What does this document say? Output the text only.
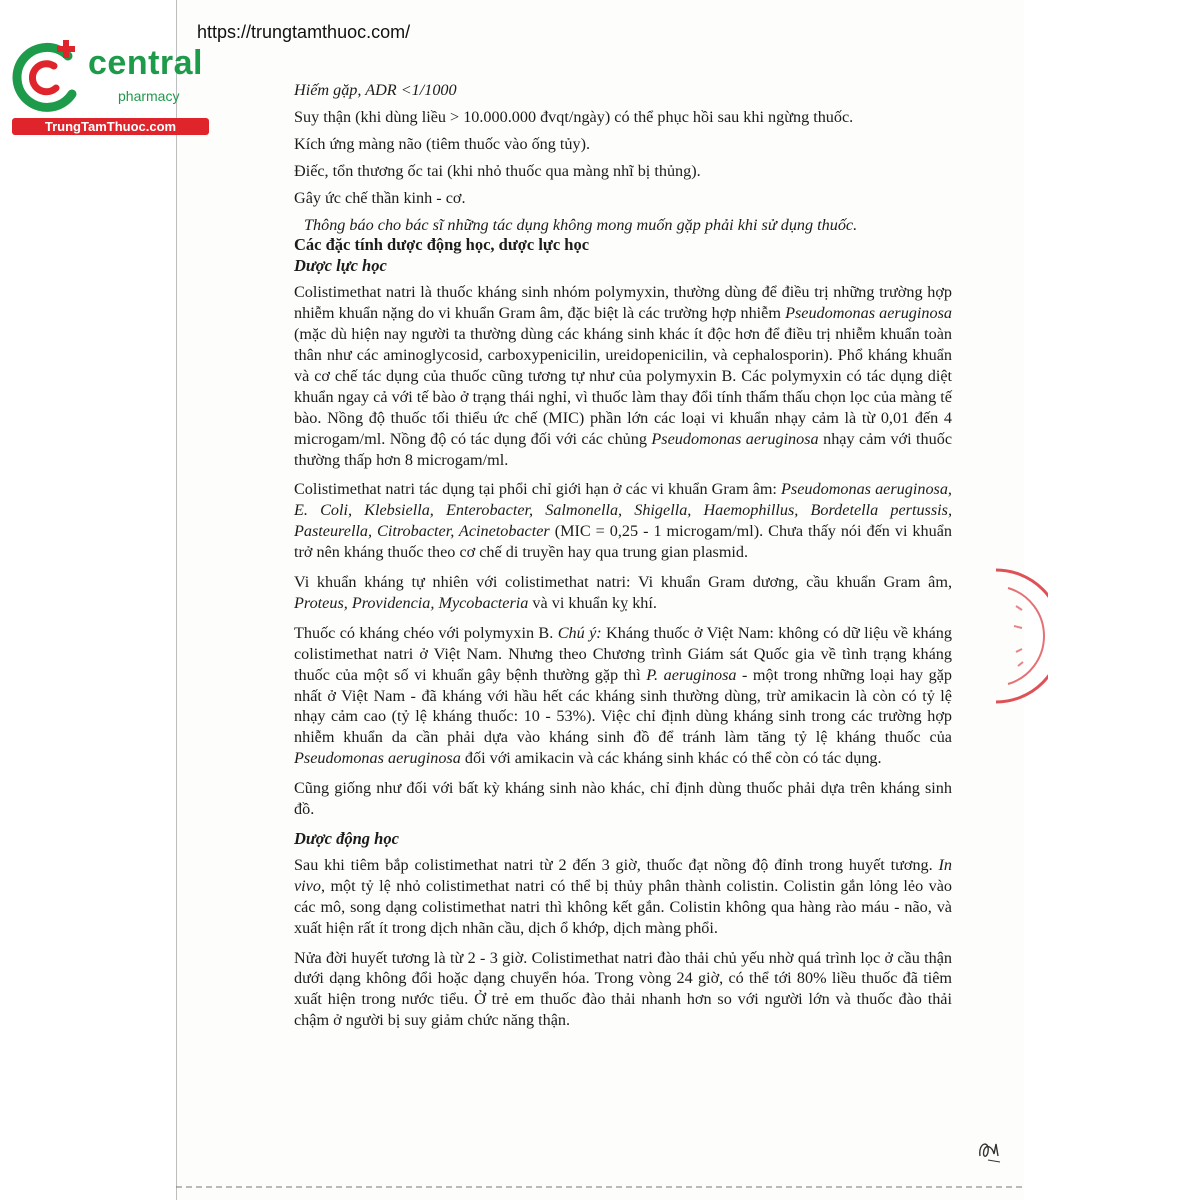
central
pharmacy
TrungTamThuoc.com
https://trungtamthuoc.com/

Hiếm gặp, ADR <1/1000

Suy thận (khi dùng liều > 10.000.000 đvqt/ngày) có thể phục hồi sau khi ngừng thuốc.

Kích ứng màng não (tiêm thuốc vào ống tủy).

Điếc, tổn thương ốc tai (khi nhỏ thuốc qua màng nhĩ bị thủng).

Gây ức chế thần kinh - cơ.

Thông báo cho bác sĩ những tác dụng không mong muốn gặp phải khi sử dụng thuốc.

Các đặc tính dược động học, dược lực học

Dược lực học

Colistimethat natri là thuốc kháng sinh nhóm polymyxin, thường dùng để điều trị những trường hợp nhiễm khuẩn nặng do vi khuẩn Gram âm, đặc biệt là các trường hợp nhiễm Pseudomonas aeruginosa (mặc dù hiện nay người ta thường dùng các kháng sinh khác ít độc hơn để điều trị nhiễm khuẩn toàn thân như các aminoglycosid, carboxypenicilin, ureidopenicilin, và cephalosporin). Phổ kháng khuẩn và cơ chế tác dụng của thuốc cũng tương tự như của polymyxin B. Các polymyxin có tác dụng diệt khuẩn ngay cả với tế bào ở trạng thái nghỉ, vì thuốc làm thay đổi tính thấm thấu chọn lọc của màng tế bào. Nồng độ thuốc tối thiểu ức chế (MIC) phần lớn các loại vi khuẩn nhạy cảm là từ 0,01 đến 4 microgam/ml. Nồng độ có tác dụng đối với các chủng Pseudomonas aeruginosa nhạy cảm với thuốc thường thấp hơn 8 microgam/ml.

Colistimethat natri tác dụng tại phổi chỉ giới hạn ở các vi khuẩn Gram âm: Pseudomonas aeruginosa, E. Coli, Klebsiella, Enterobacter, Salmonella, Shigella, Haemophillus, Bordetella pertussis, Pasteurella, Citrobacter, Acinetobacter (MIC = 0,25 - 1 microgam/ml). Chưa thấy nói đến vi khuẩn trở nên kháng thuốc theo cơ chế di truyền hay qua trung gian plasmid.

Vi khuẩn kháng tự nhiên với colistimethat natri: Vi khuẩn Gram dương, cầu khuẩn Gram âm, Proteus, Providencia, Mycobacteria và vi khuẩn kỵ khí.

Thuốc có kháng chéo với polymyxin B. Chú ý: Kháng thuốc ở Việt Nam: không có dữ liệu về kháng colistimethat natri ở Việt Nam. Nhưng theo Chương trình Giám sát Quốc gia về tình trạng kháng thuốc của một số vi khuẩn gây bệnh thường gặp thì P. aeruginosa - một trong những loại hay gặp nhất ở Việt Nam - đã kháng với hầu hết các kháng sinh thường dùng, trừ amikacin là còn có tỷ lệ nhạy cảm cao (tỷ lệ kháng thuốc: 10 - 53%). Việc chỉ định dùng kháng sinh trong các trường hợp nhiễm khuẩn da cần phải dựa vào kháng sinh đồ để tránh làm tăng tỷ lệ kháng thuốc của Pseudomonas aeruginosa đối với amikacin và các kháng sinh khác có thể còn có tác dụng.

Cũng giống như đối với bất kỳ kháng sinh nào khác, chỉ định dùng thuốc phải dựa trên kháng sinh đồ.

Dược động học

Sau khi tiêm bắp colistimethat natri từ 2 đến 3 giờ, thuốc đạt nồng độ đỉnh trong huyết tương. In vivo, một tỷ lệ nhỏ colistimethat natri có thể bị thủy phân thành colistin. Colistin gắn lỏng lẻo vào các mô, song dạng colistimethat natri thì không kết gắn. Colistin không qua hàng rào máu - não, và xuất hiện rất ít trong dịch nhãn cầu, dịch ổ khớp, dịch màng phổi.

Nửa đời huyết tương là từ 2 - 3 giờ. Colistimethat natri đào thải chủ yếu nhờ quá trình lọc ở cầu thận dưới dạng không đổi hoặc dạng chuyển hóa. Trong vòng 24 giờ, có thể tới 80% liều thuốc đã tiêm xuất hiện trong nước tiểu. Ở trẻ em thuốc đào thải nhanh hơn so với người lớn và thuốc đào thải chậm ở người bị suy giảm chức năng thận.
